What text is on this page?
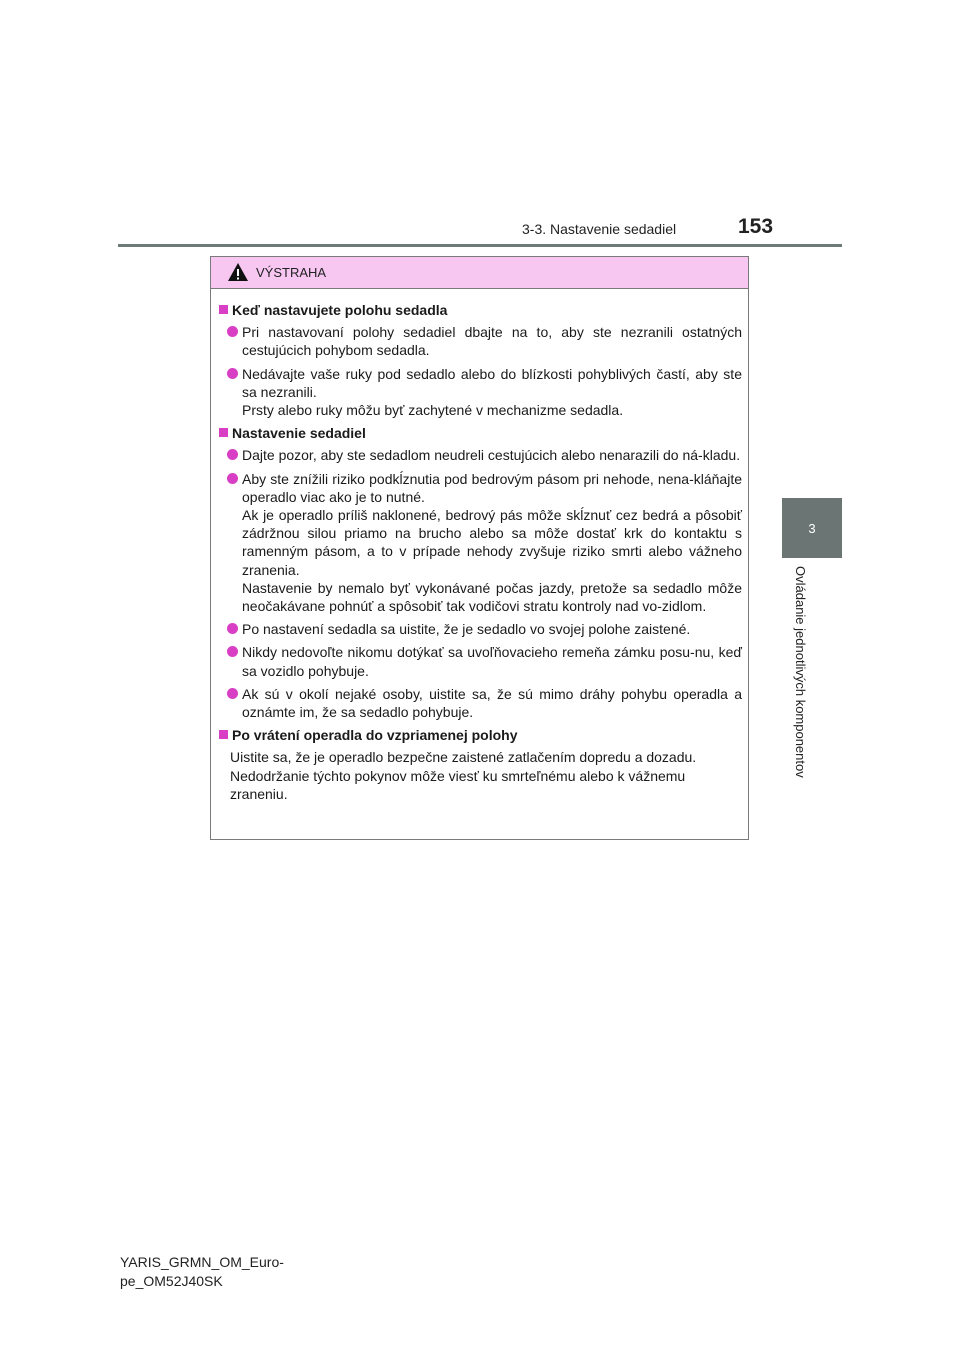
3-3. Nastavenie sedadiel	153
3
Ovládanie jednotlivých komponentov
VÝSTRAHA
Keď nastavujete polohu sedadla
Pri nastavovaní polohy sedadiel dbajte na to, aby ste nezranili ostatných cestujúcich pohybom sedadla.
Nedávajte vaše ruky pod sedadlo alebo do blízkosti pohyblivých častí, aby ste sa nezranili.
Prsty alebo ruky môžu byť zachytené v mechanizme sedadla.
Nastavenie sedadiel
Dajte pozor, aby ste sedadlom neudreli cestujúcich alebo nenarazili do ná-kladu.
Aby ste znížili riziko podkĺznutia pod bedrovým pásom pri nehode, nena-kláňajte operadlo viac ako je to nutné.
Ak je operadlo príliš naklonené, bedrový pás môže skĺznuť cez bedrá a pôsobiť zádržnou silou priamo na brucho alebo sa môže dostať krk do kontaktu s ramenným pásom, a to v prípade nehody zvyšuje riziko smrti alebo vážneho zranenia.
Nastavenie by nemalo byť vykonávané počas jazdy, pretože sa sedadlo môže neočakávane pohnúť a spôsobiť tak vodičovi stratu kontroly nad vo-zidlom.
Po nastavení sedadla sa uistite, že je sedadlo vo svojej polohe zaistené.
Nikdy nedovoľte nikomu dotýkať sa uvoľňovacieho remeňa zámku posu-nu, keď sa vozidlo pohybuje.
Ak sú v okolí nejaké osoby, uistite sa, že sú mimo dráhy pohybu operadla a oznámte im, že sa sedadlo pohybuje.
Po vrátení operadla do vzpriamenej polohy
Uistite sa, že je operadlo bezpečne zaistené zatlačením dopredu a dozadu.
Nedodržanie týchto pokynov môže viesť ku smrteľnému alebo k vážnemu zraneniu.
YARIS_GRMN_OM_Euro-
pe_OM52J40SK
